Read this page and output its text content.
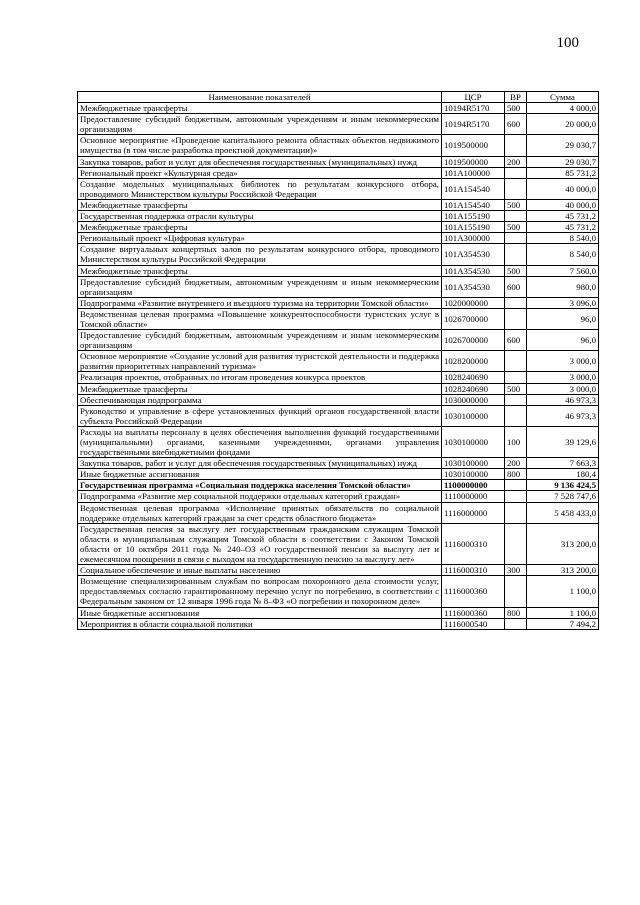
100
Наименование показателей	ЦСР	ВР	Сумма
Межбюджетные трансферты	10194R5170	500	4 000,0
Предоставление субсидий бюджетным, автономным учреждениям и иным некоммерческим организациям	10194R5170	600	20 000,0
Основное мероприятие «Проведение капитального ремонта областных объектов недвижимого имущества (в том числе разработка проектной документации)»	1019500000		29 030,7
Закупка товаров, работ и услуг для обеспечения государственных (муниципальных) нужд	1019500000	200	29 030,7
Региональный проект «Культурная среда»	101A100000		85 731,2
Создание модельных муниципальных библиотек по результатам конкурсного отбора, проводимого Министерством культуры Российской Федерации	101A154540		40 000,0
Межбюджетные трансферты	101A154540	500	40 000,0
Государственная поддержка отрасли культуры	101A155190		45 731,2
Межбюджетные трансферты	101A155190	500	45 731,2
Региональный проект «Цифровая культура»	101A300000		8 540,0
Создание виртуальных концертных залов по результатам конкурсного отбора, проводимого Министерством культуры Российской Федерации	101A354530		8 540,0
Межбюджетные трансферты	101A354530	500	7 560,0
Предоставление субсидий бюджетным, автономным учреждениям и иным некоммерческим организациям	101A354530	600	980,0
Подпрограмма «Развитие внутреннего и въездного туризма на территории Томской области»	1020000000		3 096,0
Ведомственная целевая программа «Повышение конкурентоспособности туристских услуг в Томской области»	1026700000		96,0
Предоставление субсидий бюджетным, автономным учреждениям и иным некоммерческим организациям	1026700000	600	96,0
Основное мероприятие «Создание условий для развития туристской деятельности и поддержка развития приоритетных направлений туризма»	1028200000		3 000,0
Реализация проектов, отобранных по итогам проведения конкурса проектов	1028240690		3 000,0
Межбюджетные трансферты	1028240690	500	3 000,0
Обеспечивающая подпрограмма	1030000000		46 973,3
Руководство и управление в сфере установленных функций органов государственной власти субъекта Российской Федерации	1030100000		46 973,3
Расходы на выплаты персоналу в целях обеспечения выполнения функций государственными (муниципальными) органами, казенными учреждениями, органами управления государственными внебюджетными фондами	1030100000	100	39 129,6
Закупка товаров, работ и услуг для обеспечения государственных (муниципальных) нужд	1030100000	200	7 663,3
Иные бюджетные ассигнования	1030100000	800	180,4
Государственная программа «Социальная поддержка населения Томской области»	1100000000		9 136 424,5
Подпрограмма «Развитие мер социальной поддержки отдельных категорий граждан»	1110000000		7 528 747,6
Ведомственная целевая программа «Исполнение принятых обязательств по социальной поддержке отдельных категорий граждан за счет средств областного бюджета»	1116000000		5 458 433,0
Государственная пенсия за выслугу лет государственным гражданским служащим Томской области и муниципальным служащим Томской области в соответствии с Законом Томской области от 10 октября 2011 года № 240–ОЗ «О государственной пенсии за выслугу лет и ежемесячном поощрении в связи с выходом на государственную пенсию за выслугу лет»	1116000310		313 200,0
Социальное обеспечение и иные выплаты населению	1116000310	300	313 200,0
Возмещение специализированным службам по вопросам похоронного дела стоимости услуг, предоставляемых согласно гарантированному перечню услуг по погребению, в соответствии с Федеральным законом от 12 января 1996 года № 8–ФЗ «О погребении и похоронном деле»	1116000360		1 100,0
Иные бюджетные ассигнования	1116000360	800	1 100,0
Мероприятия в области социальной политики	1116000540		7 494,2
